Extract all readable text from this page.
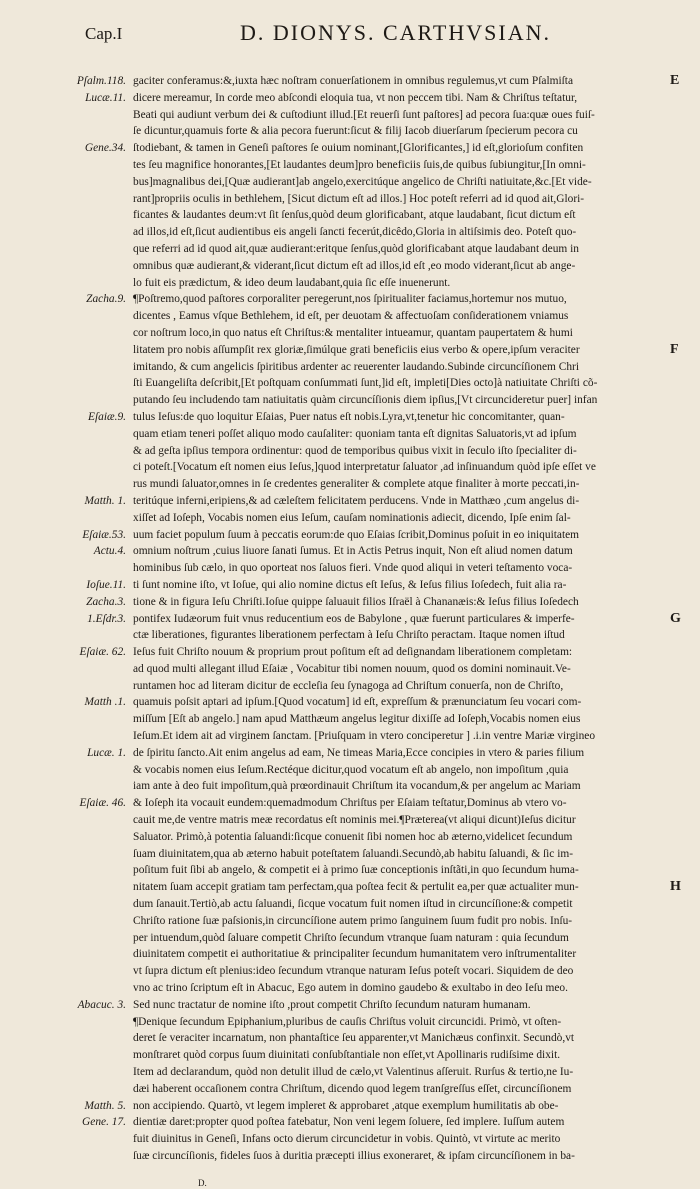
Cap.I	D. DIONYS. CARTHVSIAN.
Pſalm.118. gaciter conferamus:&,iuxta hæc noſtram conuerſationem in omnibus regulemus,vt cum Pſalmiſta	E
Lucæ.11. dicere mereamur, In corde meo abſcondi eloquia tua, vt non peccem tibi. Nam & Chriſtus teſtatur,
Beati qui audiunt verbum dei & cuſtodiunt illud.[Et reuerſi ſunt paſtores] ad pecora ſua:quæ oues fuiſ-
ſe dicuntur,quamuis forte & alia pecora fuerunt:ſicut & filij Iacob diuerſarum ſpecierum pecora cu
Gene.34. ſtodiebant, & tamen in Geneſi paſtores ſe ouium nominant,[Glorificantes,] id eſt,glorioſum confiten
tes ſeu magnifice honorantes,[Et laudantes deum]pro beneficiis ſuis,de quibus ſubiungitur,[In omni-
bus]magnalibus dei,[Quæ audierant]ab angelo,exercitúque angelico de Chriſti natiuitate,&c.[Et vide-
rant]propriis oculis in bethlehem, [Sicut dictum eſt ad illos.] Hoc poteſt referri ad id quod ait,Glori-
ficantes & laudantes deum:vt ſit ſenſus,quòd deum glorificabant, atque laudabant, ſicut dictum eſt
ad illos,id eſt,ſicut audientibus eis angeli ſancti fecerút,dicêdo,Gloria in altiſsimis deo. Poteſt quo-
que referri ad id quod ait,quæ audierant:eritque ſenſus,quòd glorificabant atque laudabant deum in
omnibus quæ audierant,& viderant,ſicut dictum eſt ad illos,id eſt ,eo modo viderant,ſicut ab ange-
lo fuit eis prædictum, & ideo deum laudabant,quia ſic eſſe inuenerunt.
Zacha.9. ¶Poſtremo,quod paſtores corporaliter peregerunt,nos ſpiritualiter faciamus,hortemur nos mutuo,
dicentes , Eamus vſque Bethlehem, id eſt, per deuotam & affectuoſam conſiderationem vniamus
cor noſtrum loco,in quo natus eſt Chriſtus:& mentaliter intueamur, quantam paupertatem & humi
litatem pro nobis aſſumpſit rex gloriæ,ſimúlque grati beneficiis eius verbo & opere,ipſum veraciter	F
imitando, & cum angelicis ſpiritibus ardenter ac reuerenter laudando.Subinde circuncíſionem Chri
ſti Euangeliſta deſcribit,[Et poſtquam conſummati ſunt,]id eſt, impleti[Dies octo]à natiuitate Chriſti cõ-
putando ſeu includendo tam natiuitatis quàm circuncíſionis diem ipſius,[Vt circuncideretur puer] infan
Eſaiæ.9. tulus Ieſus:de quo loquitur Eſaias, Puer natus eſt nobis.Lyra,vt,tenetur hic concomitanter, quan-
quam etiam teneri poſſet aliquo modo cauſaliter: quoniam tanta eſt dignitas Saluatoris,vt ad ipſum
& ad geſta ipſius tempora ordinentur: quod de temporibus quibus vixit in ſeculo iſto ſpecialiter di-
ci poteſt.[Vocatum eſt nomen eius Ieſus,]quod interpretatur ſaluator ,ad inſinuandum quòd ipſe eſſet ve
rus mundi ſaluator,omnes in ſe credentes generaliter & complete atque finaliter à morte peccati,in-
Matth. 1. teritúque inferni,eripiens,& ad cæleſtem felicitatem perducens. Vnde in Matthæo ,cum angelus di-
xiſſet ad Ioſeph, Vocabis nomen eius Ieſum, cauſam nominationis adiecit, dicendo, Ipſe enim ſal-
Eſaiæ.53. uum faciet populum ſuum à peccatis eorum:de quo Eſaias ſcribit,Dominus poſuit in eo iniquitatem
Actu.4. omnium noſtrum ,cuius liuore ſanati ſumus. Et in Actis Petrus inquit, Non eſt aliud nomen datum
hominibus ſub cælo, in quo oporteat nos ſaluos fieri. Vnde quod aliqui in veteri teſtamento voca-
Ioſue.11. ti ſunt nomine iſto, vt Ioſue, qui alio nomine dictus eſt Ieſus, & Ieſus filius Ioſedech, fuit alia ra-
Zacha.3. tione & in figura Ieſu Chriſti.Ioſue quippe ſaluauit filios Iſraël à Chananæis:& Ieſus filius Ioſedech
1.Eſdr.3. pontifex Iudæorum fuit vnus reducentium eos de Babylone , quæ fuerunt particulares & imperfe-	G
ctæ liberationes, figurantes liberationem perfectam à Ieſu Chriſto peractam. Itaque nomen iſtud
Eſaiæ. 62. Ieſus fuit Chriſto nouum & proprium prout poſitum eſt ad deſignandam liberationem completam:
ad quod multi allegant illud Eſaiæ , Vocabitur tibi nomen nouum, quod os domini nominauit.Ve-
runtamen hoc ad literam dicitur de eccleſia ſeu ſynagoga ad Chriſtum conuerſa, non de Chriſto,
Matth .1. quamuis poſsit aptari ad ipſum.[Quod vocatum] id eſt, expreſſum & prænunciatum ſeu vocari com-
miſſum [Eſt ab angelo.] nam apud Matthæum angelus legitur dixiſſe ad Ioſeph,Vocabis nomen eius
Ieſum.Et idem ait ad virginem ſanctam. [Priuſquam in vtero conciperetur ] .i.in ventre Mariæ virgineo
Lucæ. 1. de ſpiritu ſancto.Ait enim angelus ad eam, Ne timeas Maria,Ecce concipies in vtero & paries filium
& vocabis nomen eius Ieſum.Rectéque dicitur,quod vocatum eſt ab angelo, non impoſitum ,quia
iam ante à deo fuit impoſitum,quà prœordinauit Chriſtum ita vocandum,& per angelum ac Mariam
Eſaiæ. 46. & Ioſeph ita vocauit eundem:quemadmodum Chriſtus per Eſaiam teſtatur,Dominus ab vtero vo-
cauit me,de ventre matris meæ recordatus eſt nominis mei.¶Præterea(vt aliqui dicunt)Ieſus dicitur
Saluator. Primò,à potentia ſaluandi:ſicque conuenit ſibi nomen hoc ab æterno,videlicet ſecundum
ſuam diuinitatem,qua ab æterno habuit poteſtatem ſaluandi.Secundò,ab habitu ſaluandi, & ſic im-
poſitum fuit ſibi ab angelo, & competit ei à primo ſuæ conceptionis inſtãti,in quo ſecundum huma-
nitatem ſuam accepit gratiam tam perfectam,qua poſtea fecit & pertulit ea,per quæ actualiter mun-	H
dum ſanauit.Tertiò,ab actu ſaluandi, ſicque vocatum fuit nomen iſtud in circuncíſione:& competit
Chriſto ratione ſuæ paſsionis,in circuncíſione autem primo ſanguinem ſuum fudit pro nobis. Inſu-
per intuendum,quòd ſaluare competit Chriſto ſecundum vtranque ſuam naturam : quia ſecundum
diuinitatem competit ei authoritatiue & principaliter ſecundum humanitatem vero inſtrumentaliter
vt ſupra dictum eſt plenius:ideo ſecundum vtranque naturam Ieſus poteſt vocari. Siquidem de deo
vno ac trino ſcriptum eſt in Abacuc, Ego autem in domino gaudebo & exultabo in deo Ieſu meo.
Abacuc. 3. Sed nunc tractatur de nomine iſto ,prout competit Chriſto ſecundum naturam humanam.
¶Denique ſecundum Epiphanium,pluribus de cauſis Chriſtus voluit circuncidi. Primò, vt oſten-
deret ſe veraciter incarnatum, non phantaſtice ſeu apparenter,vt Manichæus confinxit. Secundò,vt
monſtraret quòd corpus ſuum diuinitati conſubſtantiale non eſſet,vt Apollinaris rudiſsime dixit.
Item ad declarandum, quòd non detulit illud de cælo,vt Valentinus aſſeruit. Rurſus & tertio,ne Iu-
dæi haberent occaſionem contra Chriſtum, dicendo quod legem tranſgreſſus eſſet, circuncíſionem
Matth. 5. non accipiendo. Quartò, vt legem impleret & approbaret ,atque exemplum humilitatis ab obe-
Gene. 17. dientiæ daret:propter quod poſtea fatebatur, Non veni legem ſoluere, ſed implere. Iuſſum autem
fuit diuinitus in Geneſi, Infans octo dierum circuncidetur in vobis. Quintò, vt virtute ac merito
ſuæ circuncíſionis, fideles ſuos à duritia præcepti illius exoneraret, & ipſam circuncíſionem in ba-
D.
